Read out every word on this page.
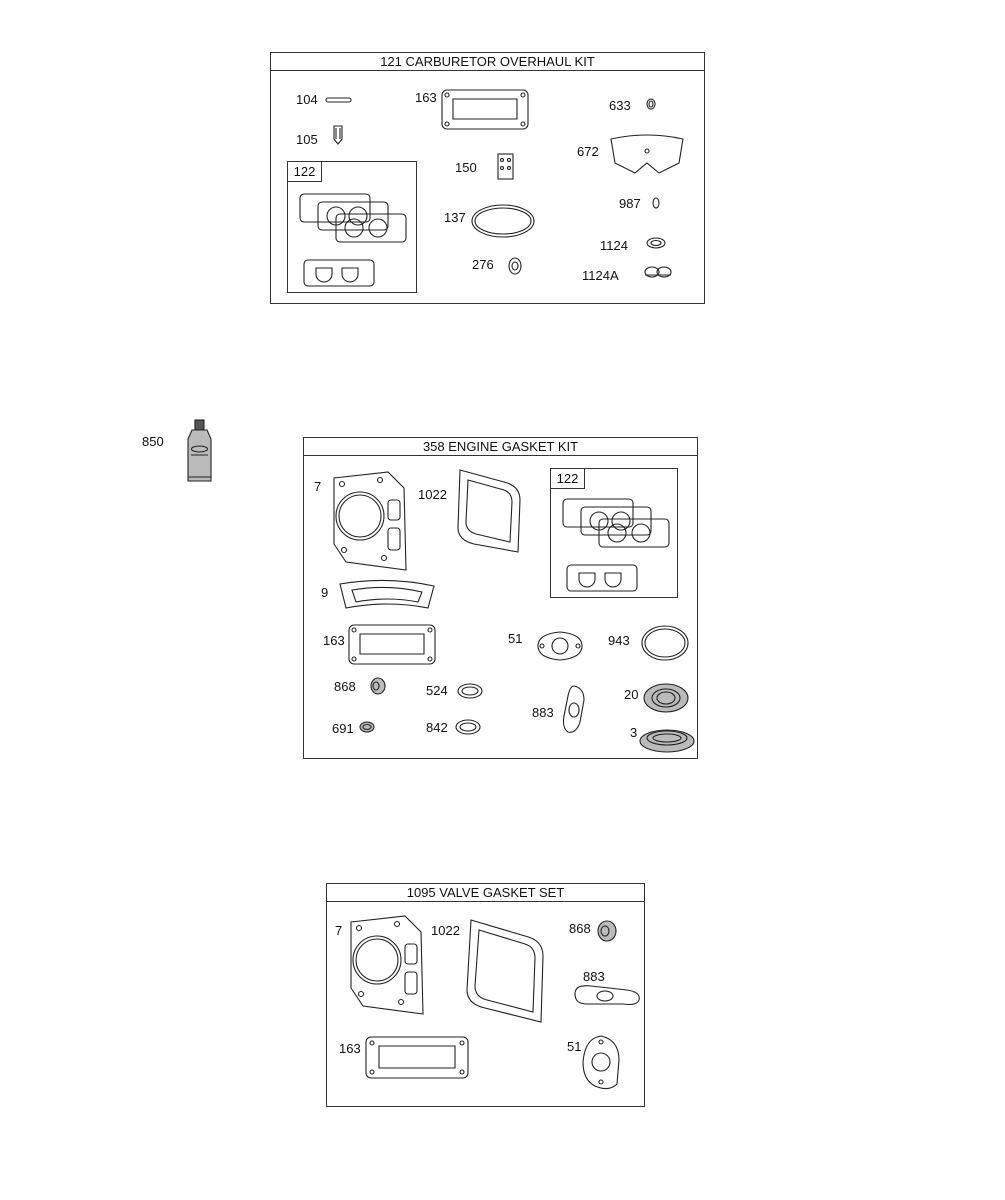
850
121 CARBURETOR OVERHAUL KIT
104
105
122
163
150
137
276
633
672
987
1124
1124A
358 ENGINE GASKET KIT
7
1022
122
9
163	51	943
868	524
883
20
691	842	3
1095 VALVE GASKET SET
7	1022	868
883
163	51
